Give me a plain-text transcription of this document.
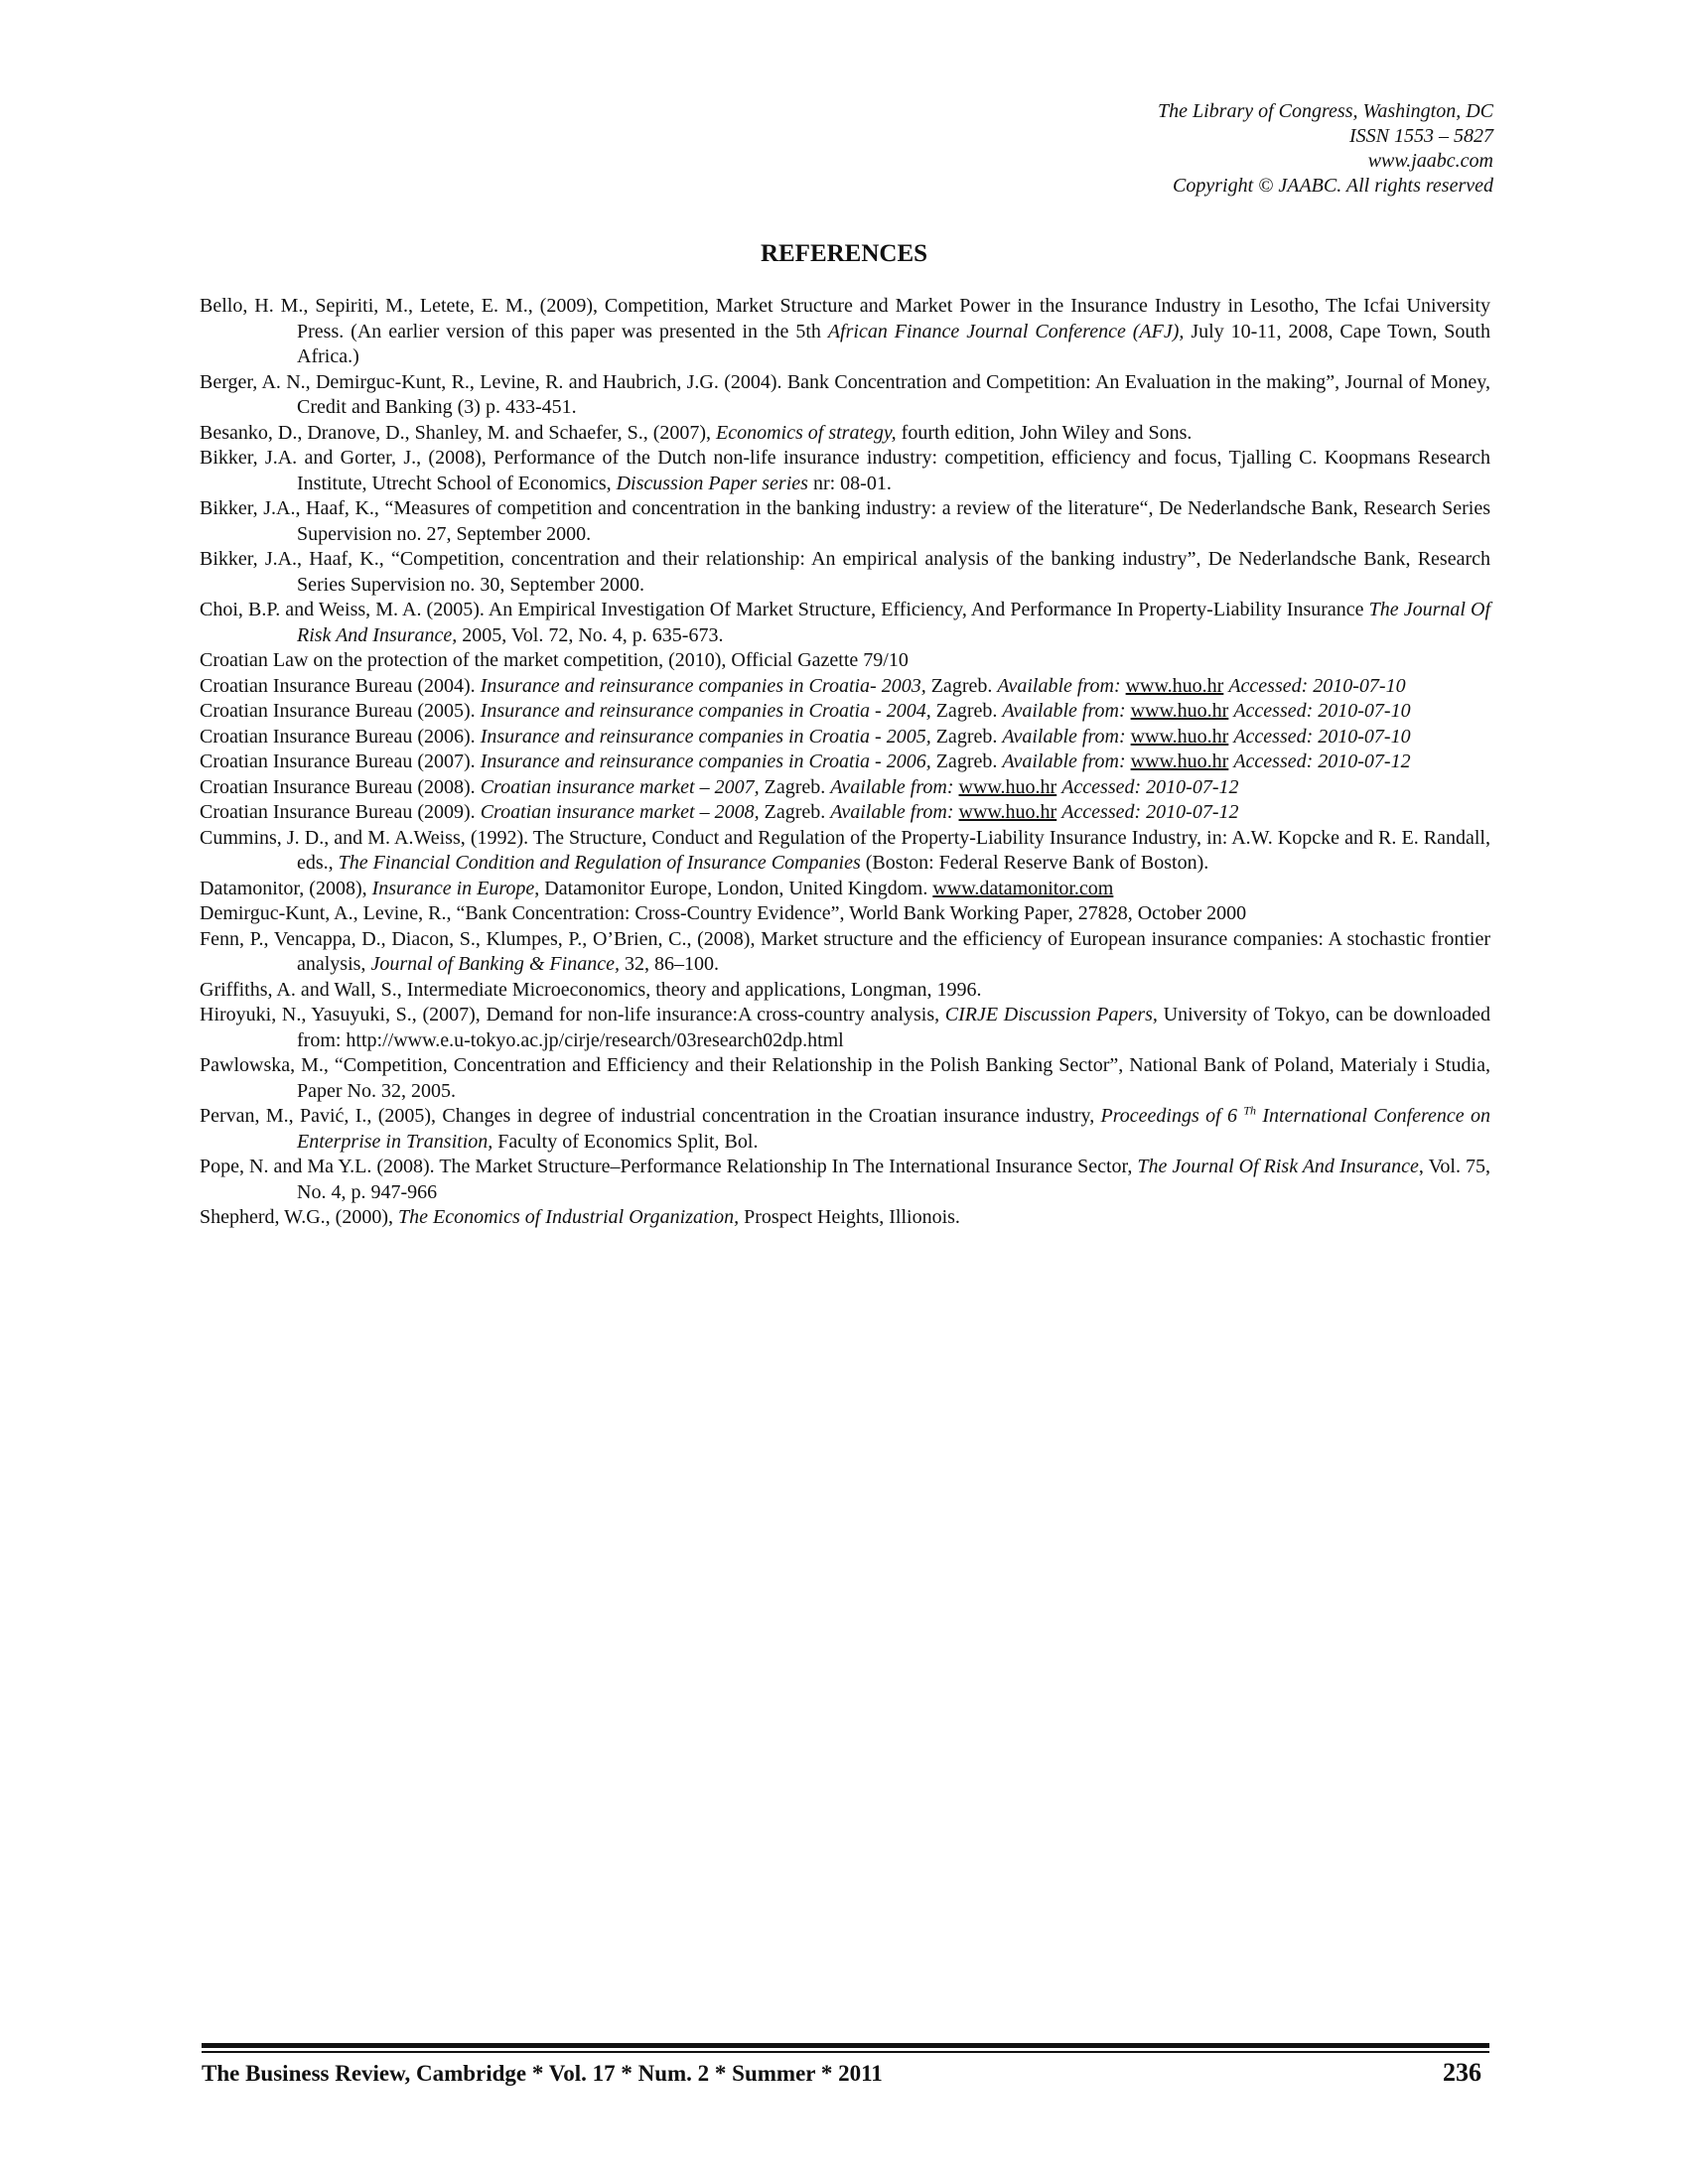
The Library of Congress, Washington, DC
ISSN 1553 – 5827
www.jaabc.com
Copyright © JAABC. All rights reserved
REFERENCES

Bello, H. M., Sepiriti, M., Letete, E. M., (2009), Competition, Market Structure and Market Power in the Insurance Industry in Lesotho, The Icfai University Press. (An earlier version of this paper was presented in the 5th African Finance Journal Conference (AFJ), July 10-11, 2008, Cape Town, South Africa.)

Berger, A. N., Demirguc-Kunt, R., Levine, R. and Haubrich, J.G. (2004). Bank Concentration and Competition: An Evaluation in the making”, Journal of Money, Credit and Banking (3) p. 433-451.

Besanko, D., Dranove, D., Shanley, M. and Schaefer, S., (2007), Economics of strategy, fourth edition, John Wiley and Sons.

Bikker, J.A. and Gorter, J., (2008), Performance of the Dutch non-life insurance industry: competition, efficiency and focus, Tjalling C. Koopmans Research Institute, Utrecht School of Economics, Discussion Paper series nr: 08-01.

Bikker, J.A., Haaf, K., “Measures of competition and concentration in the banking industry: a review of the literature“, De Nederlandsche Bank, Research Series Supervision no. 27, September 2000.

Bikker, J.A., Haaf, K., “Competition, concentration and their relationship: An empirical analysis of the banking industry”, De Nederlandsche Bank, Research Series Supervision no. 30, September 2000.

Choi, B.P. and Weiss, M. A. (2005). An Empirical Investigation Of Market Structure, Efficiency, And Performance In Property-Liability Insurance The Journal Of Risk And Insurance, 2005, Vol. 72, No. 4, p. 635-673.

Croatian Law on the protection of the market competition, (2010), Official Gazette 79/10

Croatian Insurance Bureau (2004). Insurance and reinsurance companies in Croatia- 2003, Zagreb. Available from: www.huo.hr Accessed: 2010-07-10

Croatian Insurance Bureau (2005). Insurance and reinsurance companies in Croatia - 2004, Zagreb. Available from: www.huo.hr Accessed: 2010-07-10

Croatian Insurance Bureau (2006). Insurance and reinsurance companies in Croatia - 2005, Zagreb. Available from: www.huo.hr Accessed: 2010-07-10

Croatian Insurance Bureau (2007). Insurance and reinsurance companies in Croatia - 2006, Zagreb. Available from: www.huo.hr Accessed: 2010-07-12

Croatian Insurance Bureau (2008). Croatian insurance market – 2007, Zagreb. Available from: www.huo.hr Accessed: 2010-07-12

Croatian Insurance Bureau (2009). Croatian insurance market – 2008, Zagreb. Available from: www.huo.hr Accessed: 2010-07-12

Cummins, J. D., and M. A.Weiss, (1992). The Structure, Conduct and Regulation of the Property-Liability Insurance Industry, in: A.W. Kopcke and R. E. Randall, eds., The Financial Condition and Regulation of Insurance Companies (Boston: Federal Reserve Bank of Boston).

Datamonitor, (2008), Insurance in Europe, Datamonitor Europe, London, United Kingdom. www.datamonitor.com

Demirguc-Kunt, A., Levine, R., “Bank Concentration: Cross-Country Evidence”, World Bank Working Paper, 27828, October 2000

Fenn, P., Vencappa, D., Diacon, S., Klumpes, P., O’Brien, C., (2008), Market structure and the efficiency of European insurance companies: A stochastic frontier analysis, Journal of Banking & Finance, 32, 86–100.

Griffiths, A. and Wall, S., Intermediate Microeconomics, theory and applications, Longman, 1996.

Hiroyuki, N., Yasuyuki, S., (2007), Demand for non-life insurance:A cross-country analysis, CIRJE Discussion Papers, University of Tokyo, can be downloaded from: http://www.e.u-tokyo.ac.jp/cirje/research/03research02dp.html

Pawlowska, M., “Competition, Concentration and Efficiency and their Relationship in the Polish Banking Sector”, National Bank of Poland, Materialy i Studia, Paper No. 32, 2005.

Pervan, M., Pavić, I., (2005), Changes in degree of industrial concentration in the Croatian insurance industry, Proceedings of 6 $^{Th}$ International Conference on Enterprise in Transition, Faculty of Economics Split, Bol.

Pope, N. and Ma Y.L. (2008). The Market Structure–Performance Relationship In The International Insurance Sector, The Journal Of Risk And Insurance, Vol. 75, No. 4, p. 947-966

Shepherd, W.G., (2000), The Economics of Industrial Organization, Prospect Heights, Illionois.

The Business Review, Cambridge * Vol. 17 * Num. 2 * Summer * 2011	236
